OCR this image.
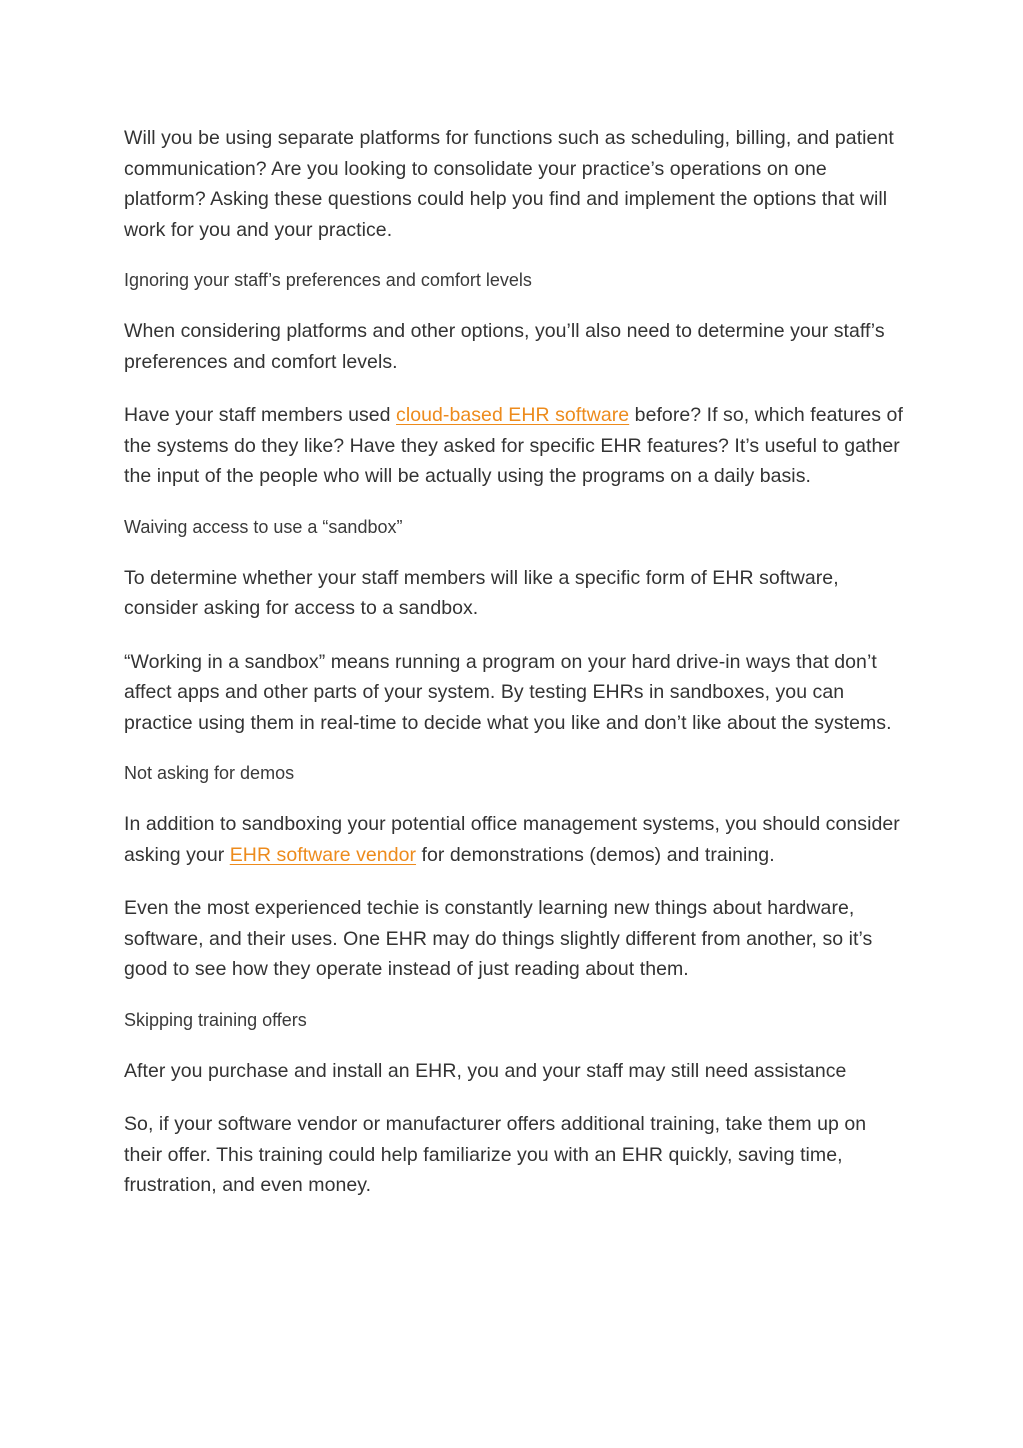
Will you be using separate platforms for functions such as scheduling, billing, and patient communication? Are you looking to consolidate your practice’s operations on one platform? Asking these questions could help you find and implement the options that will work for you and your practice.

Ignoring your staff’s preferences and comfort levels

When considering platforms and other options, you’ll also need to determine your staff’s preferences and comfort levels.

Have your staff members used cloud-based EHR software before? If so, which features of the systems do they like? Have they asked for specific EHR features? It’s useful to gather the input of the people who will be actually using the programs on a daily basis.

Waiving access to use a “sandbox”

To determine whether your staff members will like a specific form of EHR software, consider asking for access to a sandbox.

“Working in a sandbox” means running a program on your hard drive-in ways that don’t affect apps and other parts of your system. By testing EHRs in sandboxes, you can practice using them in real-time to decide what you like and don’t like about the systems.

Not asking for demos

In addition to sandboxing your potential office management systems, you should consider asking your EHR software vendor for demonstrations (demos) and training.

Even the most experienced techie is constantly learning new things about hardware, software, and their uses. One EHR may do things slightly different from another, so it’s good to see how they operate instead of just reading about them.

Skipping training offers

After you purchase and install an EHR, you and your staff may still need assistance

So, if your software vendor or manufacturer offers additional training, take them up on their offer. This training could help familiarize you with an EHR quickly, saving time, frustration, and even money.
